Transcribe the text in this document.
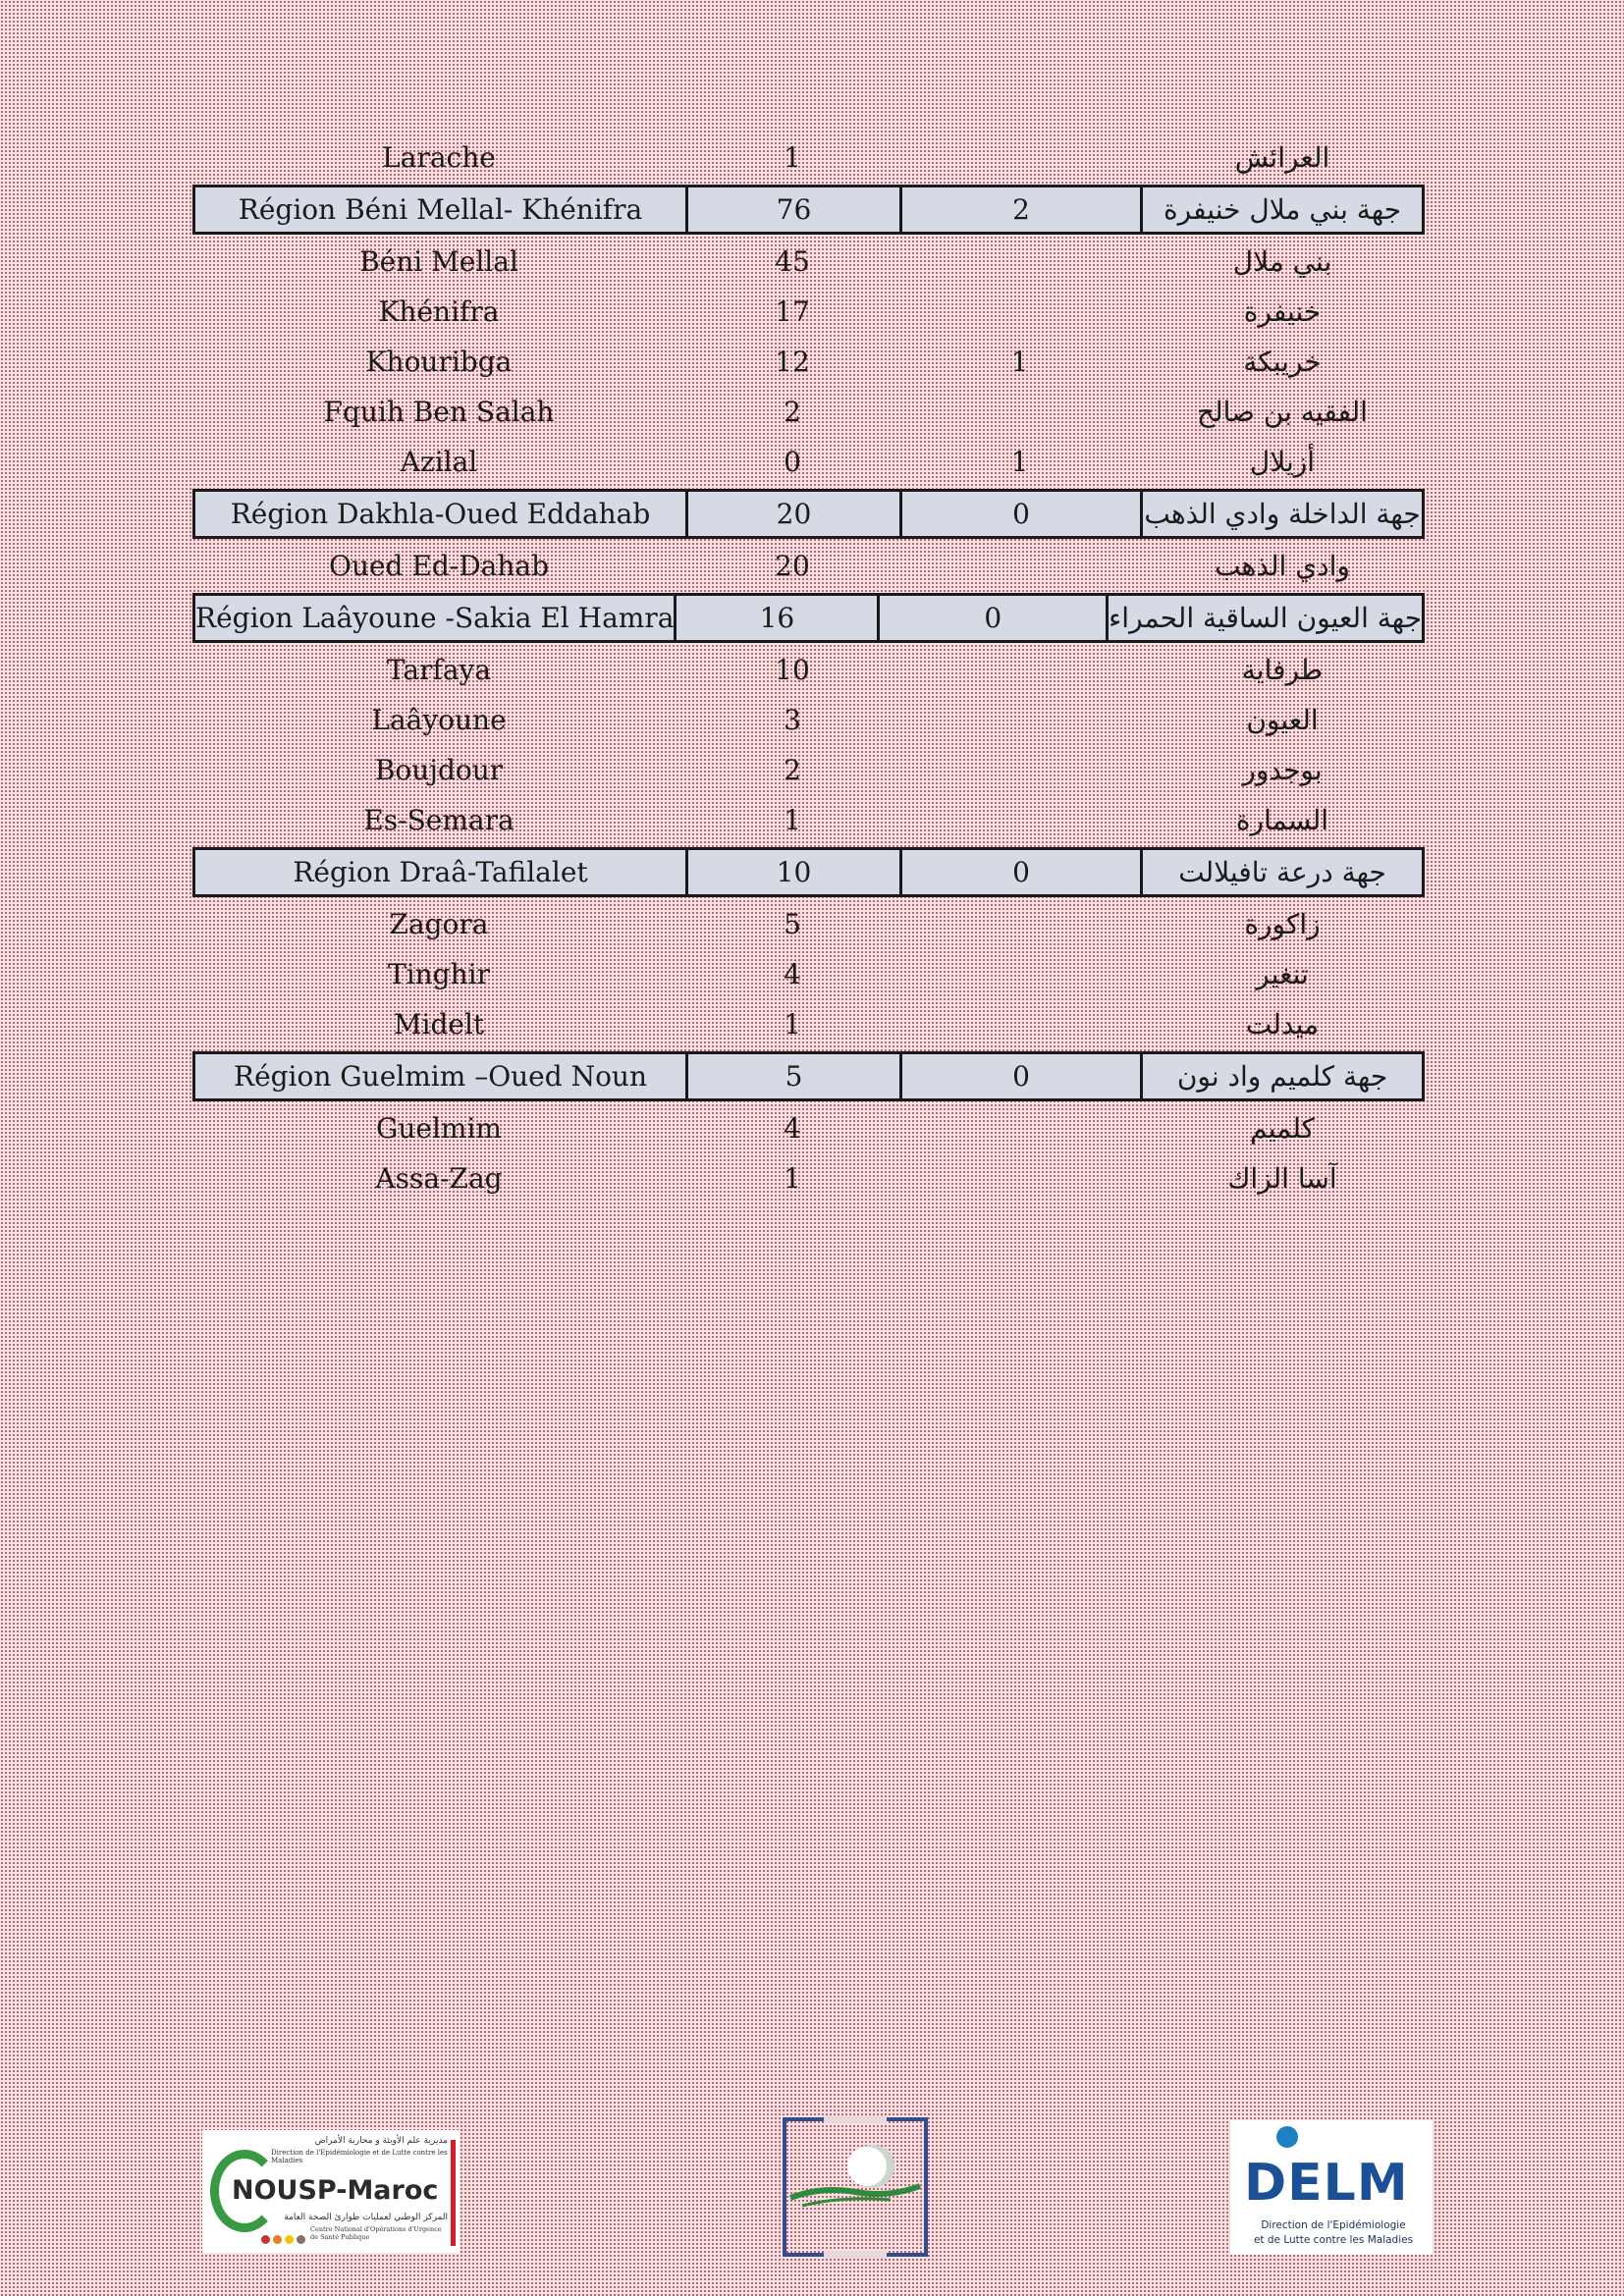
Larache	1	العرائش
Région Béni Mellal- Khénifra	76	2	جهة بني ملال خنيفرة
Béni Mellal	45	بني ملال
Khénifra	17	خنيفرة
Khouribga	12	1	خريبكة
Fquih Ben Salah	2	الفقيه بن صالح
Azilal	0	1	أزيلال
Région Dakhla-Oued Eddahab	20	0	جهة الداخلة وادي الذهب
Oued Ed-Dahab	20	وادي الذهب
Région Laâyoune -Sakia El Hamra	16	0	جهة العيون الساقية الحمراء
Tarfaya	10	طرفاية
Laâyoune	3	العيون
Boujdour	2	بوجدور
Es-Semara	1	السمارة
Région Draâ-Tafilalet	10	0	جهة درعة تافيلالت
Zagora	5	زاكورة
Tinghir	4	تنغير
Midelt	1	ميدلت
Région Guelmim –Oued Noun	5	0	جهة كلميم واد نون
Guelmim	4	كلميم
Assa-Zag	1	آسا الزاك
مديرية علم الأوبئة و محاربة الأمراض
Direction de l'Epidémiologie et de Lutte contre les Maladies
NOUSP-Maroc
المركز الوطني لعمليات طوارئ الصحة العامة
Centre National d'Opérations d'Urgence de Santé Publique
DELM
Direction de l'Epidémiologie
et de Lutte contre les Maladies
